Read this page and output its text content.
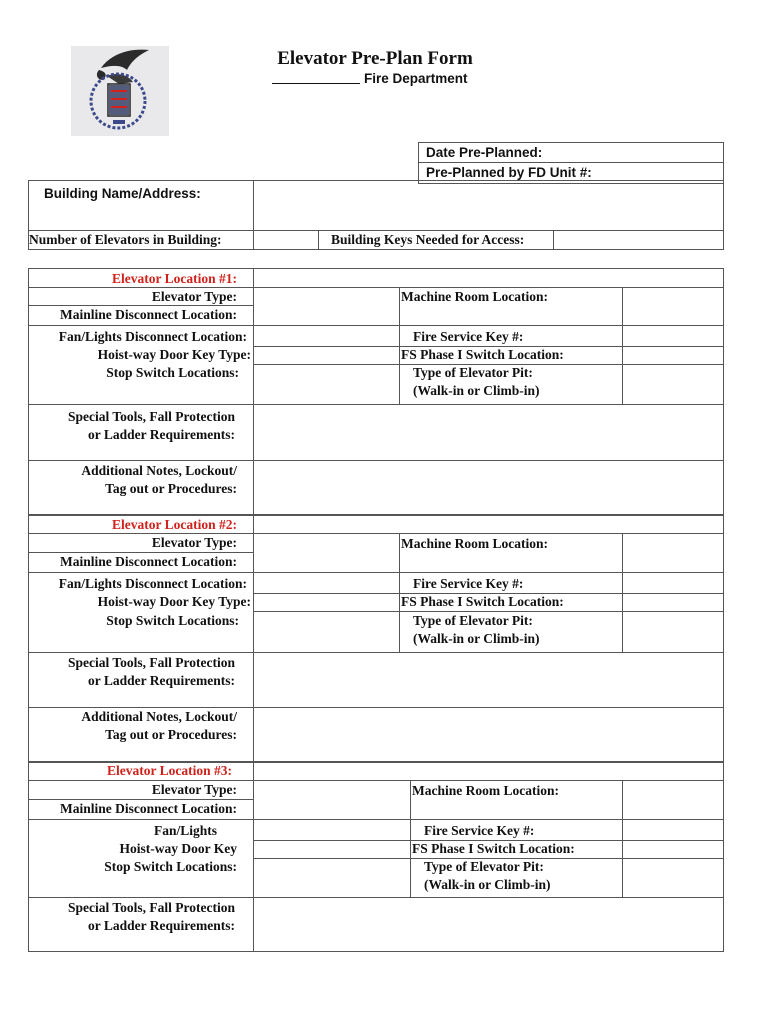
Elevator Pre-Plan Form
Fire Department
Date Pre-Planned:
Pre-Planned by FD Unit #:
Building Name/Address:
Number of Elevators in Building:	Building Keys Needed for Access:
Elevator Location #1:
Elevator Type:
Mainline Disconnect Location:
Fan/Lights Disconnect Location:
Hoist-way Door Key Type:
Stop Switch Locations:
Machine Room Location:
Fire Service Key #:
FS Phase I Switch Location:
Type of Elevator Pit:
(Walk-in or Climb-in)
Special Tools, Fall Protection
or Ladder Requirements:
Additional Notes, Lockout/
Tag out or Procedures:
Elevator Location #2:
Elevator Type:
Mainline Disconnect Location:
Fan/Lights Disconnect Location:
Hoist-way Door Key Type:
Stop Switch Locations:
Machine Room Location:
Fire Service Key #:
FS Phase I Switch Location:
Type of Elevator Pit:
(Walk-in or Climb-in)
Special Tools, Fall Protection
or Ladder Requirements:
Additional Notes, Lockout/
Tag out or Procedures:
Elevator Location #3:
Elevator Type:
Mainline Disconnect Location:
Fan/Lights
Hoist-way Door Key
Stop Switch Locations:
Machine Room Location:
Fire Service Key #:
FS Phase I Switch Location:
Type of Elevator Pit:
(Walk-in or Climb-in)
Special Tools, Fall Protection
or Ladder Requirements:
